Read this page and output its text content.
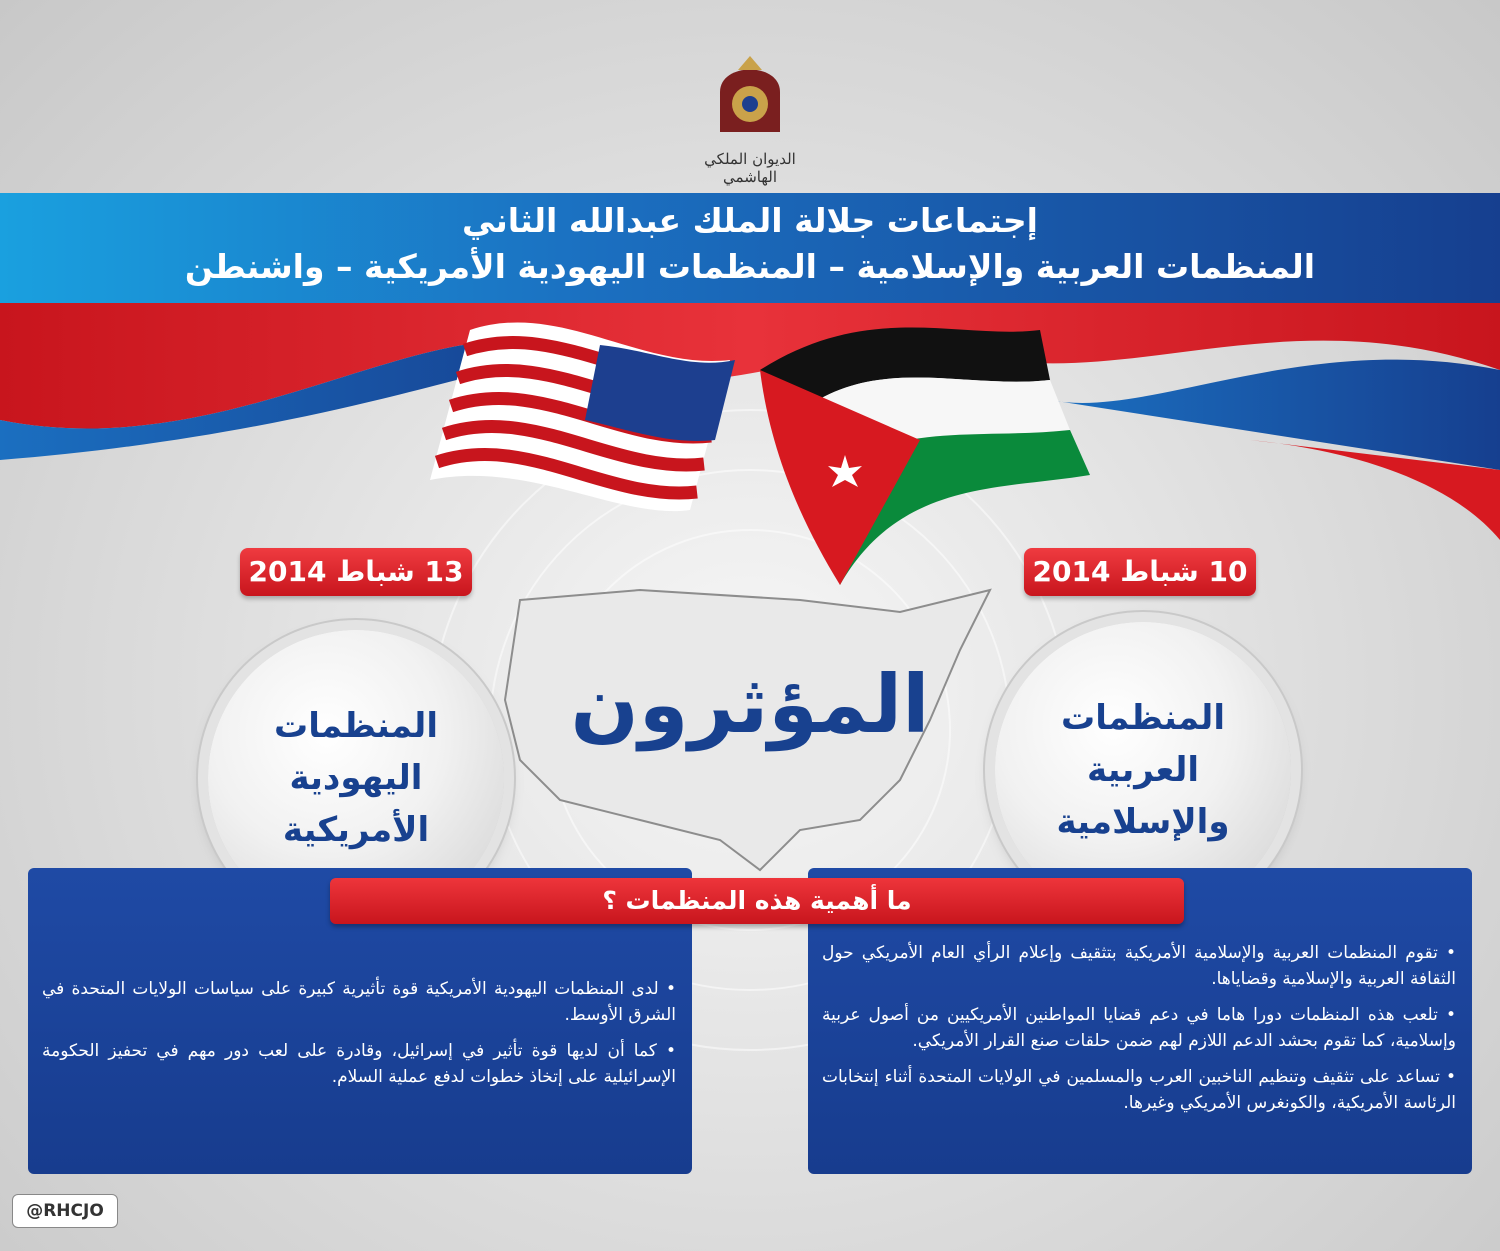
الديوان الملكي الهاشمي
إجتماعات جلالة الملك عبدالله الثاني
المنظمات العربية والإسلامية – المنظمات اليهودية الأمريكية – واشنطن
13 شباط 2014	10 شباط 2014
المؤثرون
المنظمات
اليهودية
الأمريكية
المنظمات
العربية
والإسلامية
• لدى المنظمات اليهودية الأمريكية قوة تأثيرية كبيرة على سياسات الولايات المتحدة في الشرق الأوسط.
• كما أن لديها قوة تأثير في إسرائيل، وقادرة على لعب دور مهم في تحفيز الحكومة الإسرائيلية على إتخاذ خطوات لدفع عملية السلام.
• تقوم المنظمات العربية والإسلامية الأمريكية بتثقيف وإعلام الرأي العام الأمريكي حول الثقافة العربية والإسلامية وقضاياها.
• تلعب هذه المنظمات دورا هاما في دعم قضايا المواطنين الأمريكيين من أصول عربية وإسلامية، كما تقوم بحشد الدعم اللازم لهم ضمن حلقات صنع القرار الأمريكي.
• تساعد على تثقيف وتنظيم الناخبين العرب والمسلمين في الولايات المتحدة أثناء إنتخابات الرئاسة الأمريكية، والكونغرس الأمريكي وغيرها.
ما أهمية هذه المنظمات ؟
@RHCJO
